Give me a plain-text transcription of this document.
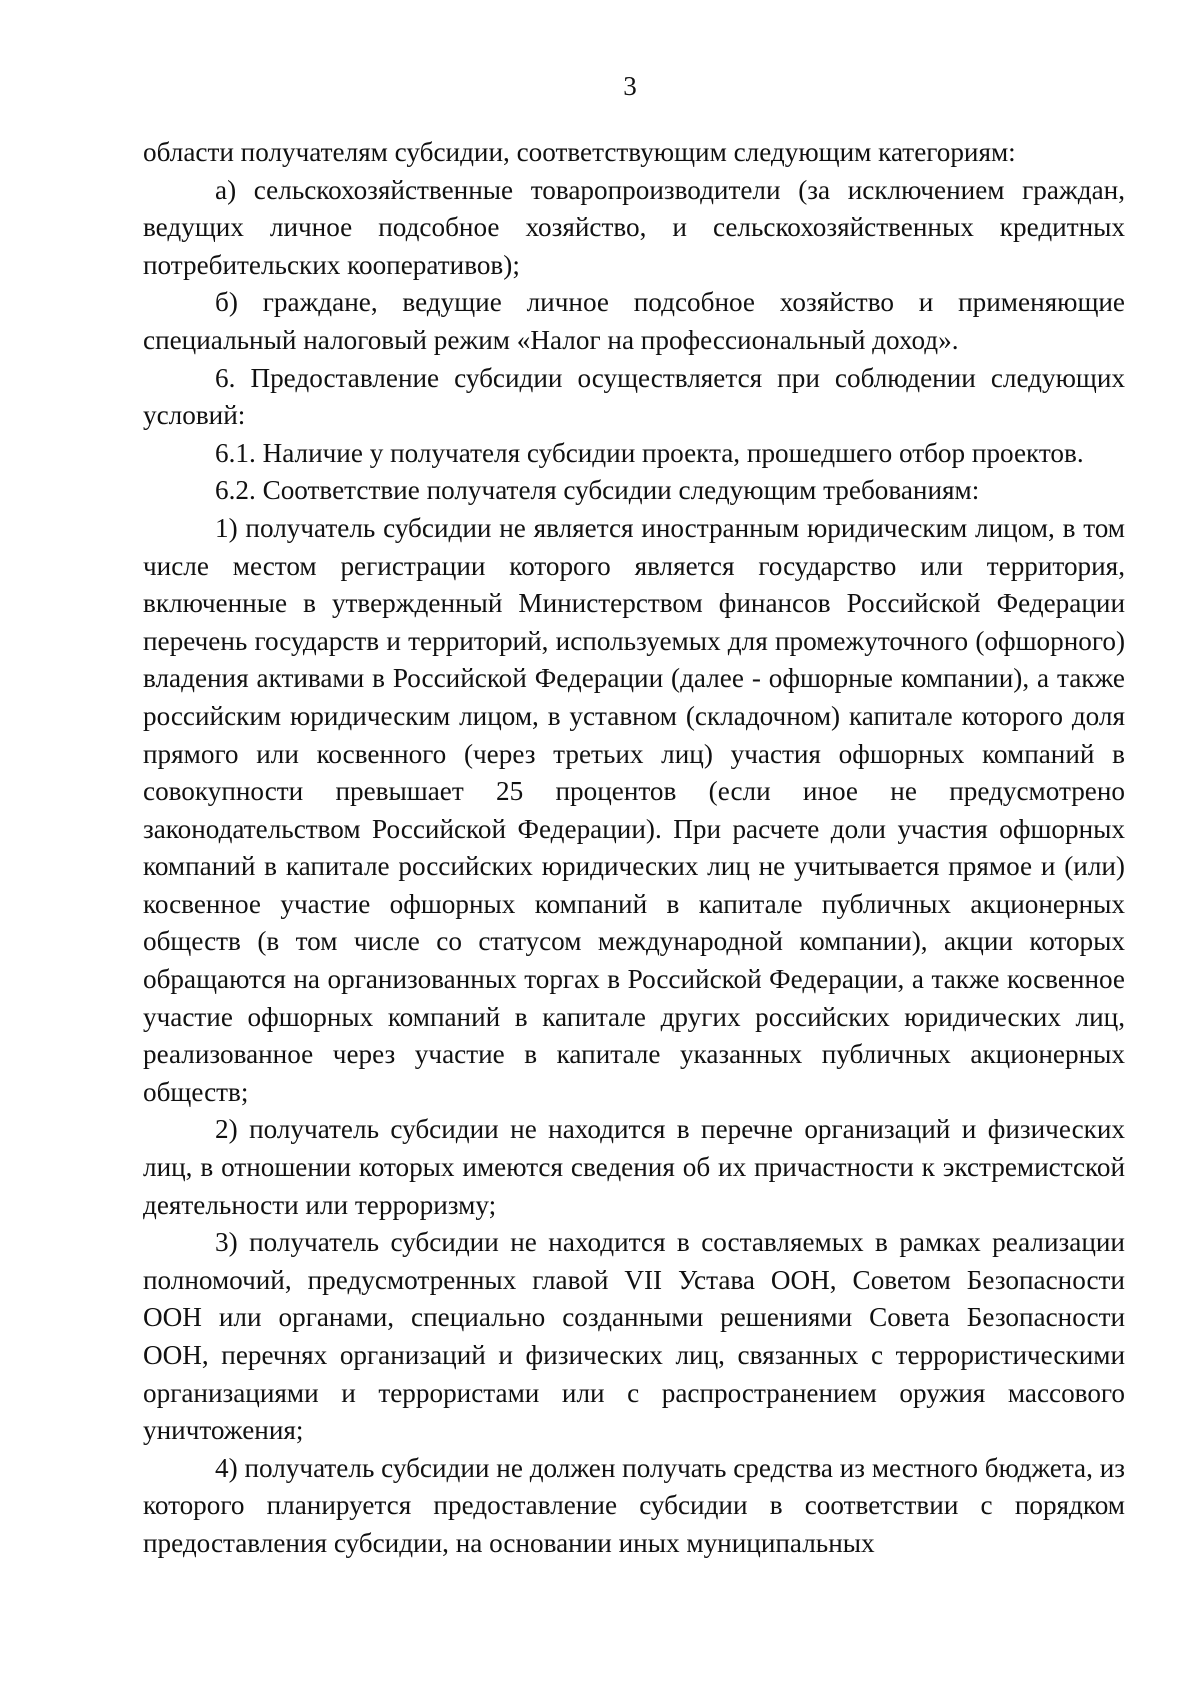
3

области получателям субсидии, соответствующим следующим категориям:

а) сельскохозяйственные товаропроизводители (за исключением граждан, ведущих личное подсобное хозяйство, и сельскохозяйственных кредитных потребительских кооперативов);

б) граждане, ведущие личное подсобное хозяйство и применяющие специальный налоговый режим «Налог на профессиональный доход».

6. Предоставление субсидии осуществляется при соблюдении следующих условий:

6.1. Наличие у получателя субсидии проекта, прошедшего отбор проектов.

6.2. Соответствие получателя субсидии следующим требованиям:

1) получатель субсидии не является иностранным юридическим лицом, в том числе местом регистрации которого является государство или территория, включенные в утвержденный Министерством финансов Российской Федерации перечень государств и территорий, используемых для промежуточного (офшорного) владения активами в Российской Федерации (далее - офшорные компании), а также российским юридическим лицом, в уставном (складочном) капитале которого доля прямого или косвенного (через третьих лиц) участия офшорных компаний в совокупности превышает 25 процентов (если иное не предусмотрено законодательством Российской Федерации). При расчете доли участия офшорных компаний в капитале российских юридических лиц не учитывается прямое и (или) косвенное участие офшорных компаний в капитале публичных акционерных обществ (в том числе со статусом международной компании), акции которых обращаются на организованных торгах в Российской Федерации, а также косвенное участие офшорных компаний в капитале других российских юридических лиц, реализованное через участие в капитале указанных публичных акционерных обществ;

2) получатель субсидии не находится в перечне организаций и физических лиц, в отношении которых имеются сведения об их причастности к экстремистской деятельности или терроризму;

3) получатель субсидии не находится в составляемых в рамках реализации полномочий, предусмотренных главой VII Устава ООН, Советом Безопасности ООН или органами, специально созданными решениями Совета Безопасности ООН, перечнях организаций и физических лиц, связанных с террористическими организациями и террористами или с распространением оружия массового уничтожения;

4) получатель субсидии не должен получать средства из местного бюджета, из которого планируется предоставление субсидии в соответствии с порядком предоставления субсидии, на основании иных муниципальных
